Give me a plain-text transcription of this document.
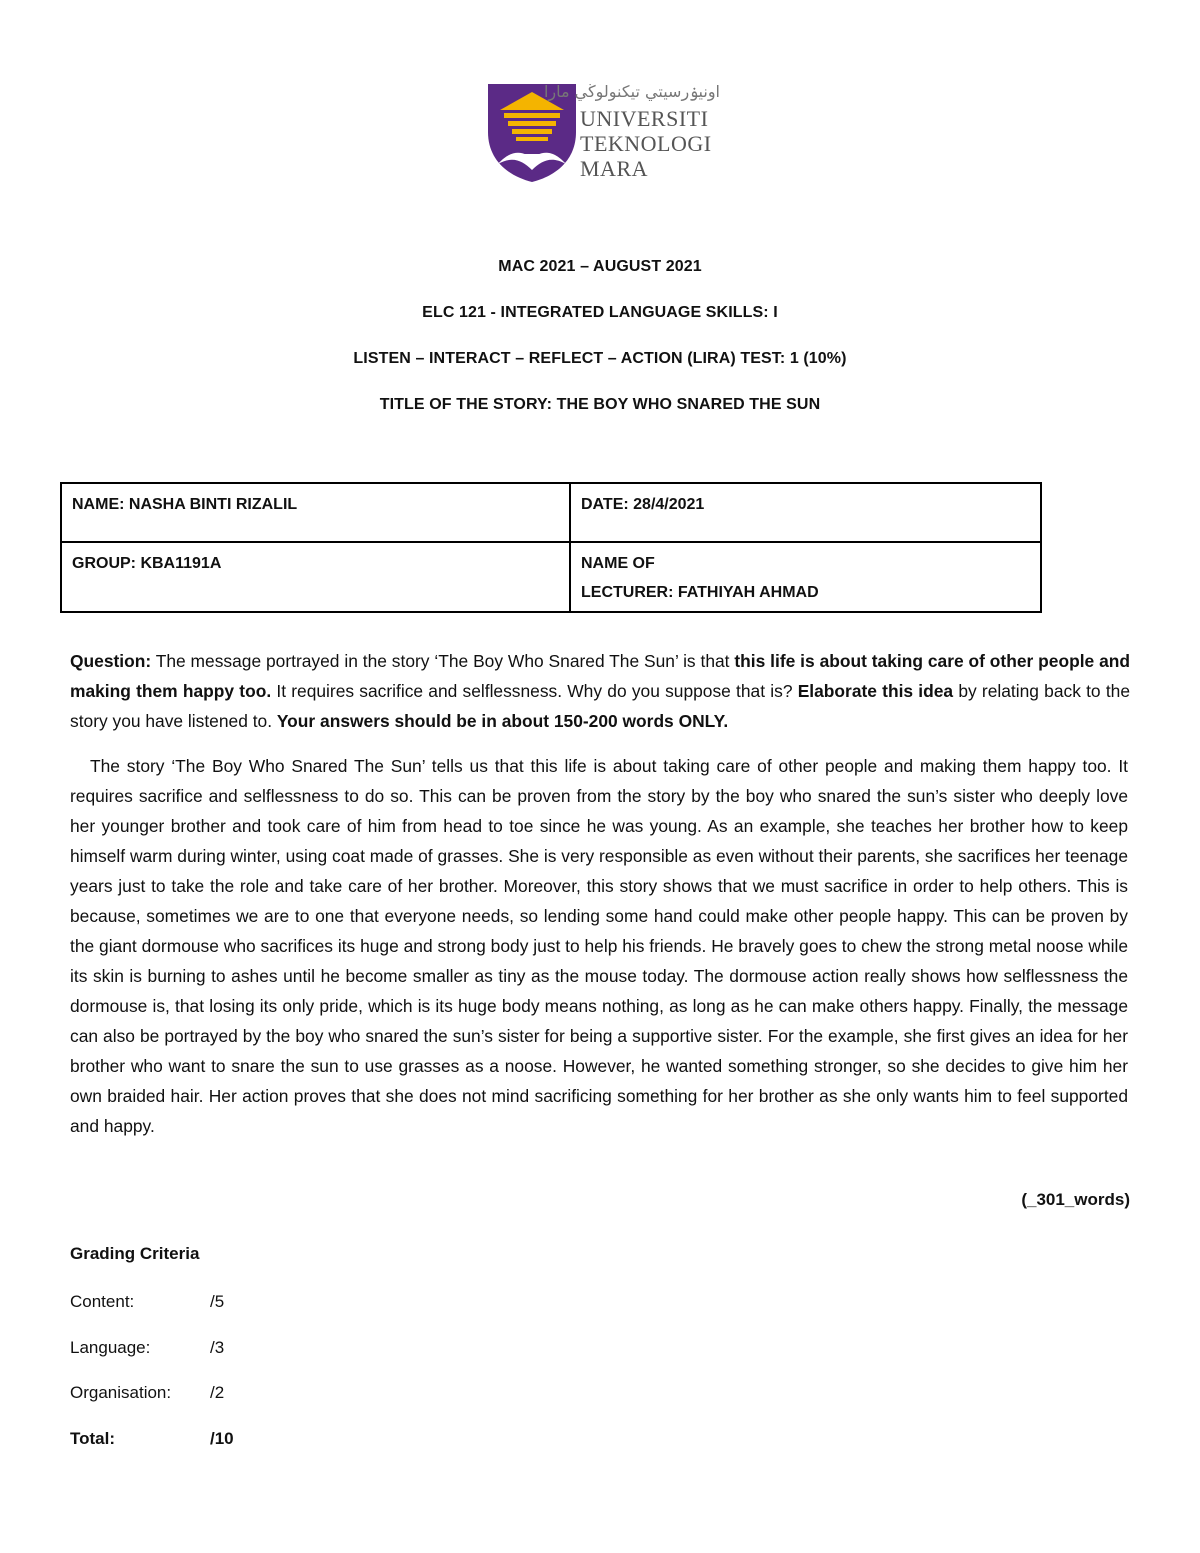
اونيۏرسيتي تيكنولوڬي مارا
UNIVERSITI
TEKNOLOGI
MARA
MAC 2021 – AUGUST 2021
ELC 121 - INTEGRATED LANGUAGE SKILLS: I
LISTEN – INTERACT – REFLECT – ACTION (LIRA) TEST: 1 (10%)
TITLE OF THE STORY: THE BOY WHO SNARED THE SUN
NAME: NASHA BINTI RIZALIL	DATE: 28/4/2021
GROUP: KBA1191A	NAME OF
LECTURER: FATHIYAH AHMAD
Question: The message portrayed in the story ‘The Boy Who Snared The Sun’ is that this life is about taking care of other people and making them happy too. It requires sacrifice and selflessness. Why do you suppose that is? Elaborate this idea by relating back to the story you have listened to. Your answers should be in about 150-200 words ONLY.
The story ‘The Boy Who Snared The Sun’ tells us that this life is about taking care of other people and making them happy too. It requires sacrifice and selflessness to do so. This can be proven from the story by the boy who snared the sun’s sister who deeply love her younger brother and took care of him from head to toe since he was young. As an example, she teaches her brother how to keep himself warm during winter, using coat made of grasses. She is very responsible as even without their parents, she sacrifices her teenage years just to take the role and take care of her brother. Moreover, this story shows that we must sacrifice in order to help others. This is because, sometimes we are to one that everyone needs, so lending some hand could make other people happy. This can be proven by the giant dormouse who sacrifices its huge and strong body just to help his friends. He bravely goes to chew the strong metal noose while its skin is burning to ashes until he become smaller as tiny as the mouse today. The dormouse action really shows how selflessness the dormouse is, that losing its only pride, which is its huge body means nothing, as long as he can make others happy. Finally, the message can also be portrayed by the boy who snared the sun’s sister for being a supportive sister. For the example, she first gives an idea for her brother who want to snare the sun to use grasses as a noose. However, he wanted something stronger, so she decides to give him her own braided hair. Her action proves that she does not mind sacrificing something for her brother as she only wants him to feel supported and happy.
(_301_words)
Grading Criteria
Content:	/5
Language:	/3
Organisation: /2
Total:	/10
